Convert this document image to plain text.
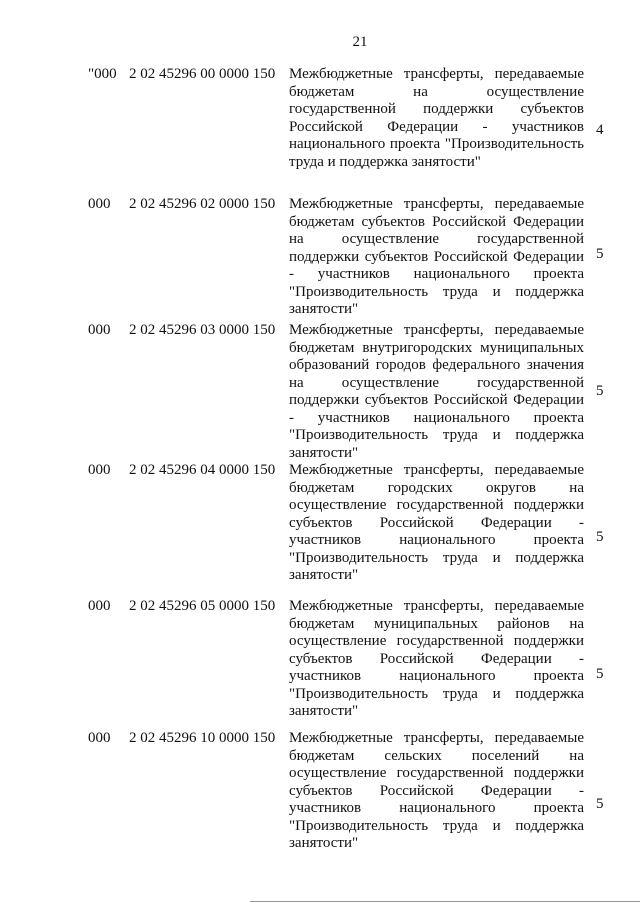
21
"000 2 02 45296 00 0000 150 Межбюджетные трансферты, передаваемые бюджетам на осуществление государственной поддержки субъектов Российской Федерации - участников национального проекта "Производительность труда и поддержка занятости"
4
000 2 02 45296 02 0000 150 Межбюджетные трансферты, передаваемые бюджетам субъектов Российской Федерации на осуществление государственной поддержки субъектов Российской Федерации - участников национального проекта "Производительность труда и поддержка занятости"
5
000 2 02 45296 03 0000 150 Межбюджетные трансферты, передаваемые бюджетам внутригородских муниципальных образований городов федерального значения на осуществление государственной поддержки субъектов Российской Федерации - участников национального проекта "Производительность труда и поддержка занятости"
5
000 2 02 45296 04 0000 150 Межбюджетные трансферты, передаваемые бюджетам городских округов на осуществление государственной поддержки субъектов Российской Федерации - участников национального проекта "Производительность труда и поддержка занятости"
5
000 2 02 45296 05 0000 150 Межбюджетные трансферты, передаваемые бюджетам муниципальных районов на осуществление государственной поддержки субъектов Российской Федерации - участников национального проекта "Производительность труда и поддержка занятости"
5
000 2 02 45296 10 0000 150 Межбюджетные трансферты, передаваемые бюджетам сельских поселений на осуществление государственной поддержки субъектов Российской Федерации - участников национального проекта "Производительность труда и поддержка занятости"
5
